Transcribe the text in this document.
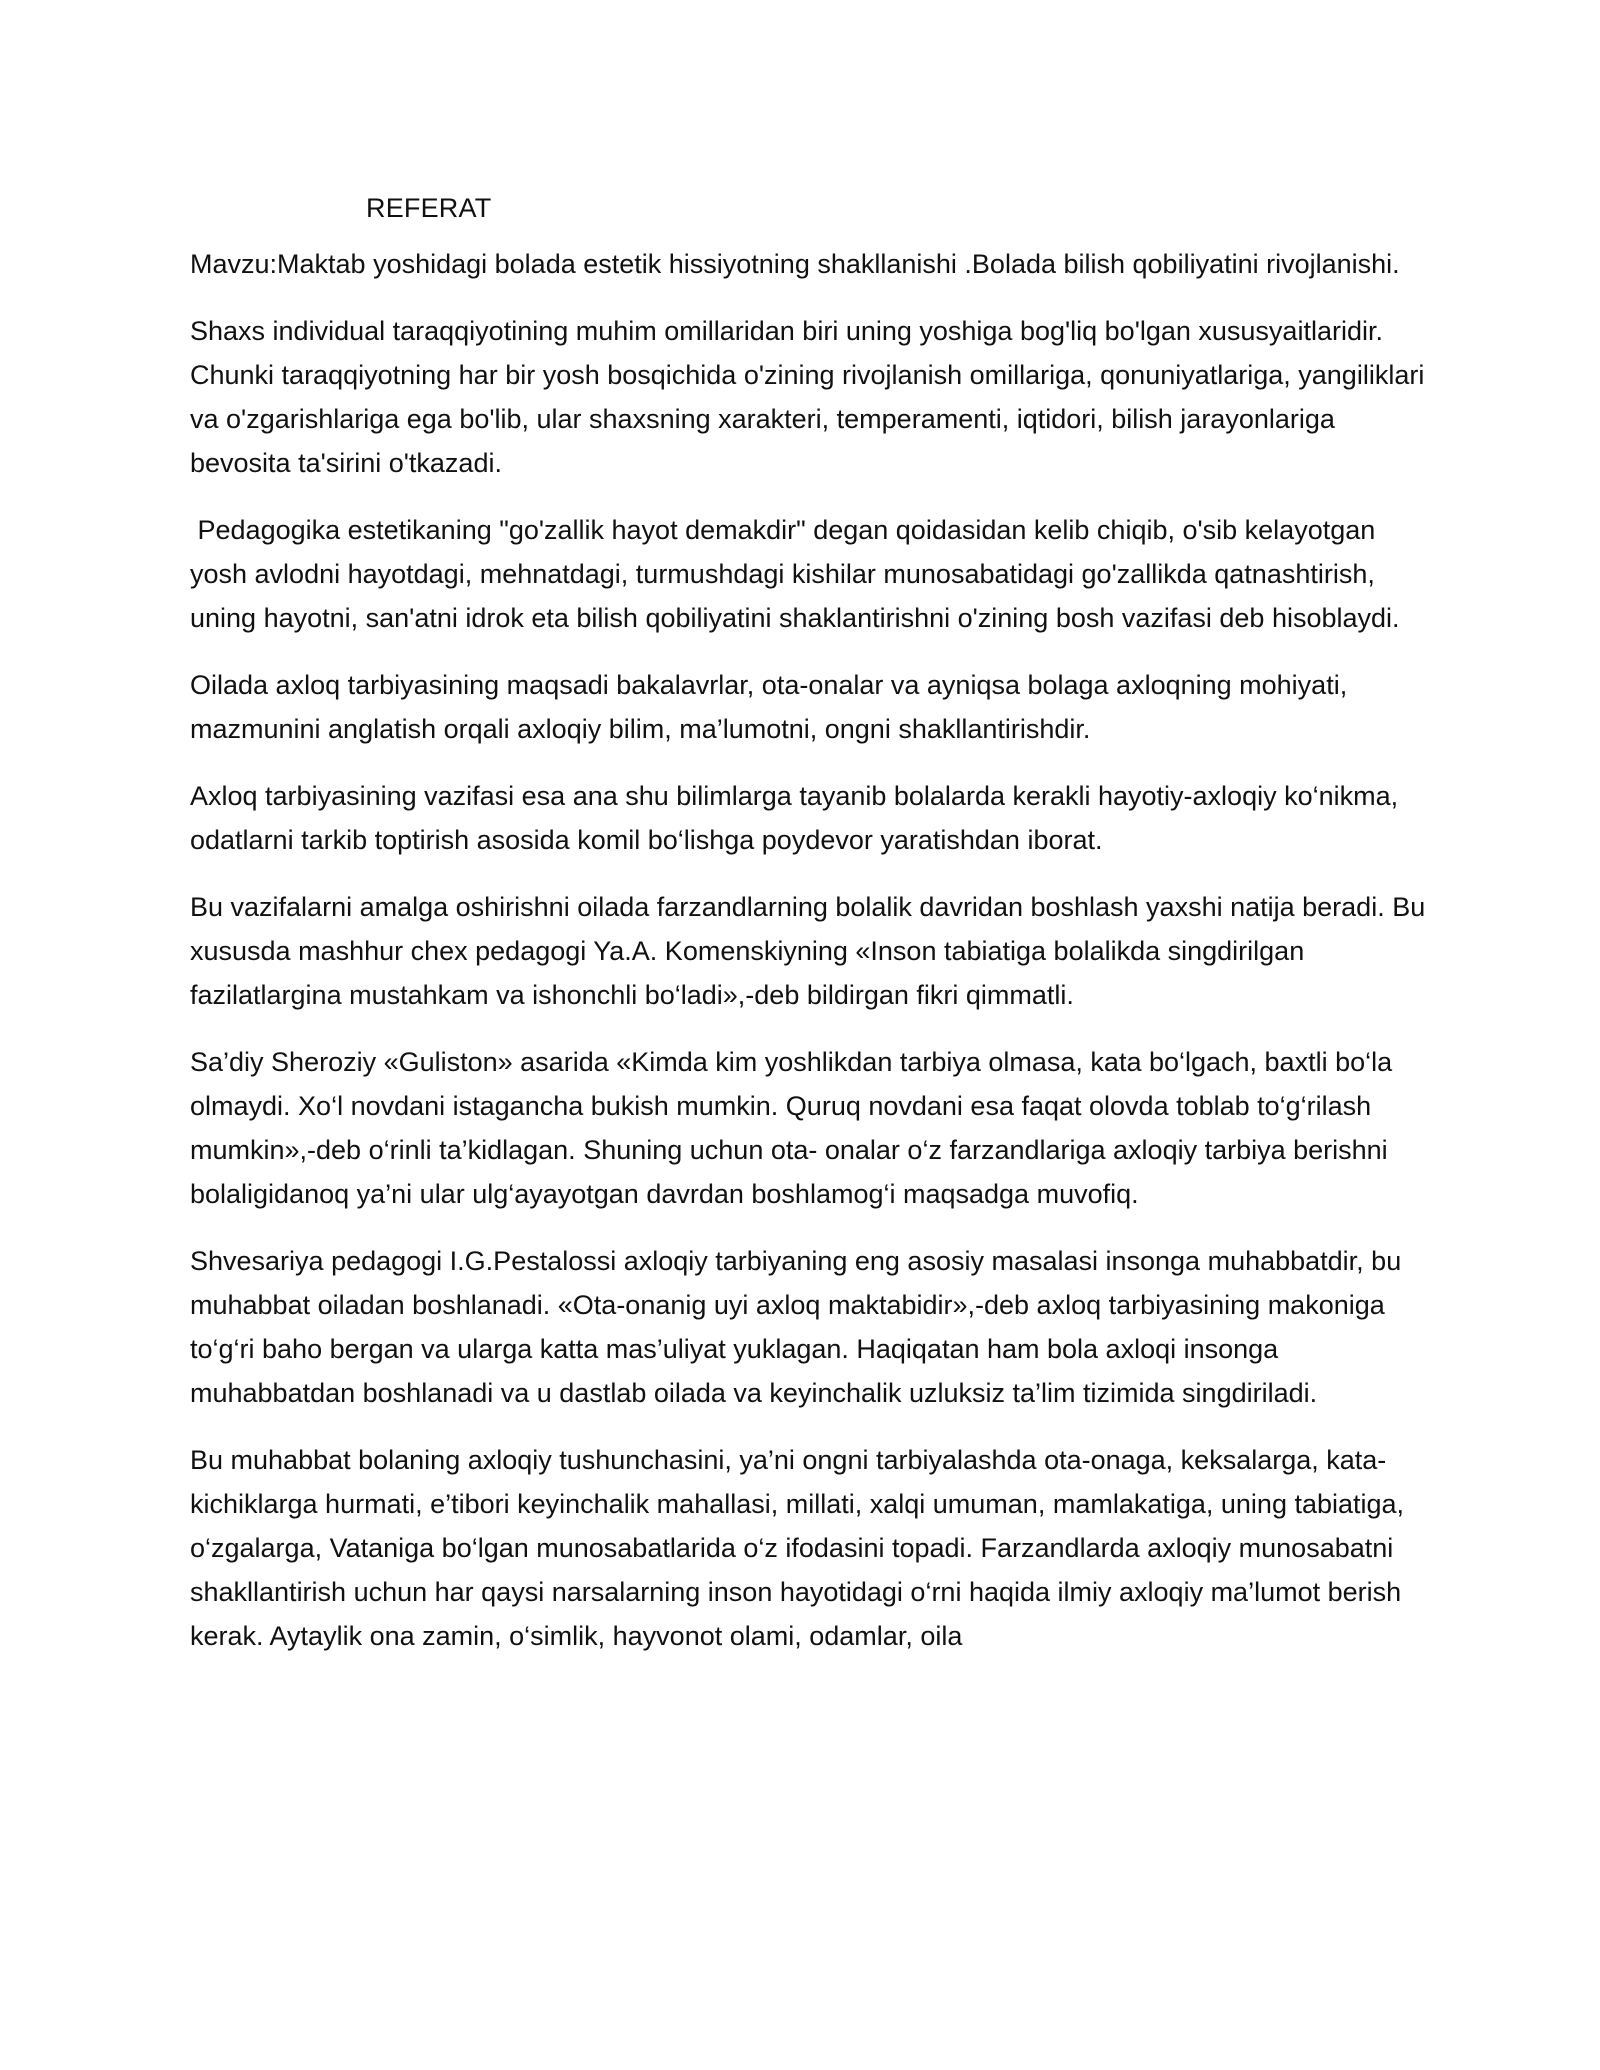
REFERAT

Mavzu:Maktab yoshidagi bolada estetik hissiyotning shakllanishi .Bolada bilish qobiliyatini rivojlanishi.

Shaxs individual taraqqiyotining muhim omillaridan biri uning yoshiga bog'liq bo'lgan xususyaitlaridir. Chunki taraqqiyotning har bir yosh bosqichida o'zining rivojlanish omillariga, qonuniyatlariga, yangiliklari va o'zgarishlariga ega bo'lib, ular shaxsning xarakteri, temperamenti, iqtidori, bilish jarayonlariga bevosita ta'sirini o'tkazadi.

Pedagogika estetikaning "go'zallik hayot demakdir" degan qoidasidan kelib chiqib, o'sib kelayotgan yosh avlodni hayotdagi, mehnatdagi, turmushdagi kishilar munosabatidagi go'zallikda qatnashtirish, uning hayotni, san'atni idrok eta bilish qobiliyatini shaklantirishni o'zining bosh vazifasi deb hisoblaydi.

Oilada axloq tarbiyasining maqsadi bakalavrlar, ota-onalar va ayniqsa bolaga axloqning mohiyati, mazmunini anglatish orqali axloqiy bilim, ma’lumotni, ongni shakllantirishdir.

Axloq tarbiyasining vazifasi esa ana shu bilimlarga tayanib bolalarda kerakli hayotiy-axloqiy ko‘nikma, odatlarni tarkib toptirish asosida komil bo‘lishga poydevor yaratishdan iborat.

Bu vazifalarni amalga oshirishni oilada farzandlarning bolalik davridan boshlash yaxshi natija beradi. Bu xususda mashhur chex pedagogi Ya.A. Komenskiyning «Inson tabiatiga bolalikda singdirilgan fazilatlargina mustahkam va ishonchli bo‘ladi»,-deb bildirgan fikri qimmatli.

Sa’diy Sheroziy «Guliston» asarida «Kimda kim yoshlikdan tarbiya olmasa, kata bo‘lgach, baxtli bo‘la olmaydi. Xo‘l novdani istagancha bukish mumkin. Quruq novdani esa faqat olovda toblab to‘g‘rilash mumkin»,-deb o‘rinli ta’kidlagan. Shuning uchun ota- onalar o‘z farzandlariga axloqiy tarbiya berishni bolaligidanoq ya’ni ular ulg‘ayayotgan davrdan boshlamog‘i maqsadga muvofiq.

Shvesariya pedagogi I.G.Pestalossi axloqiy tarbiyaning eng asosiy masalasi insonga muhabbatdir, bu muhabbat oiladan boshlanadi. «Ota-onanig uyi axloq maktabidir»,-deb axloq tarbiyasining makoniga to‘g‘ri baho bergan va ularga katta mas’uliyat yuklagan. Haqiqatan ham bola axloqi insonga muhabbatdan boshlanadi va u dastlab oilada va keyinchalik uzluksiz ta’lim tizimida singdiriladi.

Bu muhabbat bolaning axloqiy tushunchasini, ya’ni ongni tarbiyalashda ota-onaga, keksalarga, kata-kichiklarga hurmati, e’tibori keyinchalik mahallasi, millati, xalqi umuman, mamlakatiga, uning tabiatiga, o‘zgalarga, Vataniga bo‘lgan munosabatlarida o‘z ifodasini topadi. Farzandlarda axloqiy munosabatni shakllantirish uchun har qaysi narsalarning inson hayotidagi o‘rni haqida ilmiy axloqiy ma’lumot berish kerak. Aytaylik ona zamin, o‘simlik, hayvonot olami, odamlar, oila
